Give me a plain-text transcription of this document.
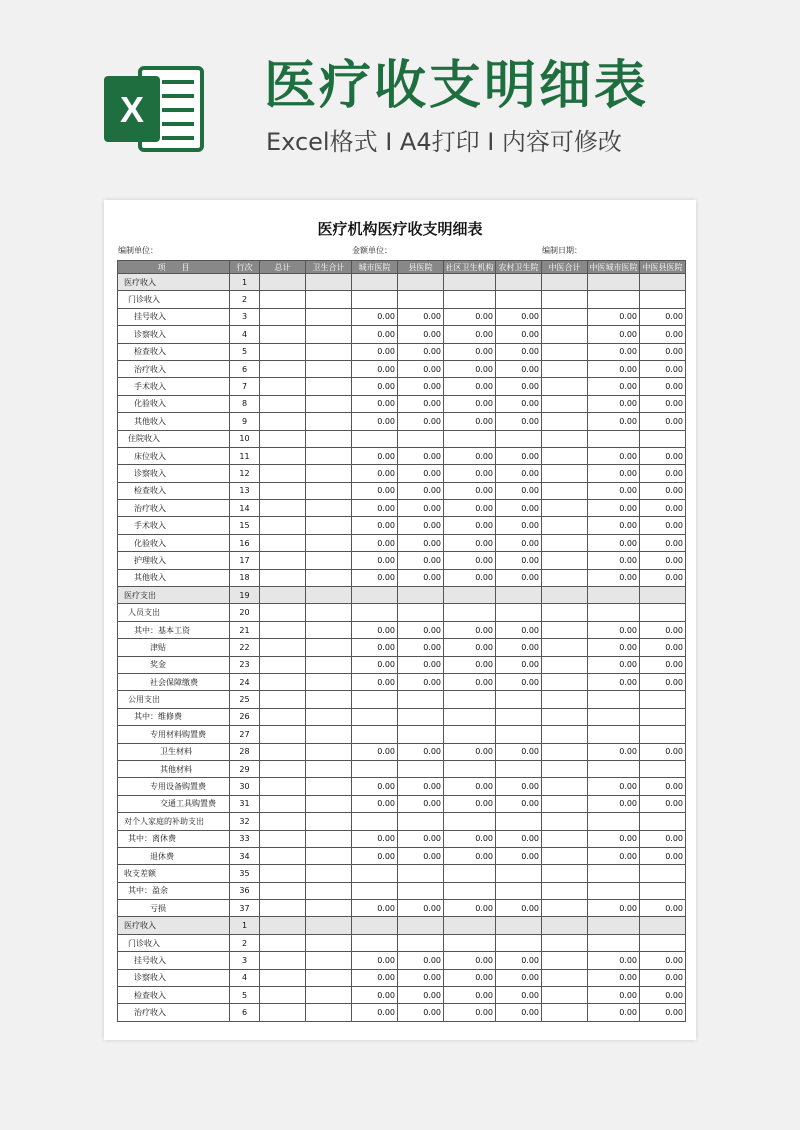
X 医疗收支明细表
Excel格式 I A4打印 I 内容可修改
医疗机构医疗收支明细表
编制单位：	金额单位：	编制日期：
项　　目	行次	总计	卫生合计	城市医院	县医院	社区卫生机构	农村卫生院	中医合计	中医城市医院	中医县医院
医疗收入	1									
门诊收入	2									
挂号收入	3			0.00	0.00	0.00	0.00		0.00	0.00
诊察收入	4			0.00	0.00	0.00	0.00		0.00	0.00
检查收入	5			0.00	0.00	0.00	0.00		0.00	0.00
治疗收入	6			0.00	0.00	0.00	0.00		0.00	0.00
手术收入	7			0.00	0.00	0.00	0.00		0.00	0.00
化验收入	8			0.00	0.00	0.00	0.00		0.00	0.00
其他收入	9			0.00	0.00	0.00	0.00		0.00	0.00
住院收入	10									
床位收入	11			0.00	0.00	0.00	0.00		0.00	0.00
诊察收入	12			0.00	0.00	0.00	0.00		0.00	0.00
检查收入	13			0.00	0.00	0.00	0.00		0.00	0.00
治疗收入	14			0.00	0.00	0.00	0.00		0.00	0.00
手术收入	15			0.00	0.00	0.00	0.00		0.00	0.00
化验收入	16			0.00	0.00	0.00	0.00		0.00	0.00
护理收入	17			0.00	0.00	0.00	0.00		0.00	0.00
其他收入	18			0.00	0.00	0.00	0.00		0.00	0.00
医疗支出	19									
人员支出	20									
其中：基本工资	21			0.00	0.00	0.00	0.00		0.00	0.00
津贴	22			0.00	0.00	0.00	0.00		0.00	0.00
奖金	23			0.00	0.00	0.00	0.00		0.00	0.00
社会保障缴费	24			0.00	0.00	0.00	0.00		0.00	0.00
公用支出	25									
其中：维修费	26									
专用材料购置费	27									
卫生材料	28			0.00	0.00	0.00	0.00		0.00	0.00
其他材料	29									
专用设备购置费	30			0.00	0.00	0.00	0.00		0.00	0.00
交通工具购置费	31			0.00	0.00	0.00	0.00		0.00	0.00
对个人家庭的补助支出	32									
其中：离休费	33			0.00	0.00	0.00	0.00		0.00	0.00
退休费	34			0.00	0.00	0.00	0.00		0.00	0.00
收支差额	35									
其中：盈余	36									
亏损	37			0.00	0.00	0.00	0.00		0.00	0.00
医疗收入	1									
门诊收入	2									
挂号收入	3			0.00	0.00	0.00	0.00		0.00	0.00
诊察收入	4			0.00	0.00	0.00	0.00		0.00	0.00
检查收入	5			0.00	0.00	0.00	0.00		0.00	0.00
治疗收入	6			0.00	0.00	0.00	0.00		0.00	0.00
